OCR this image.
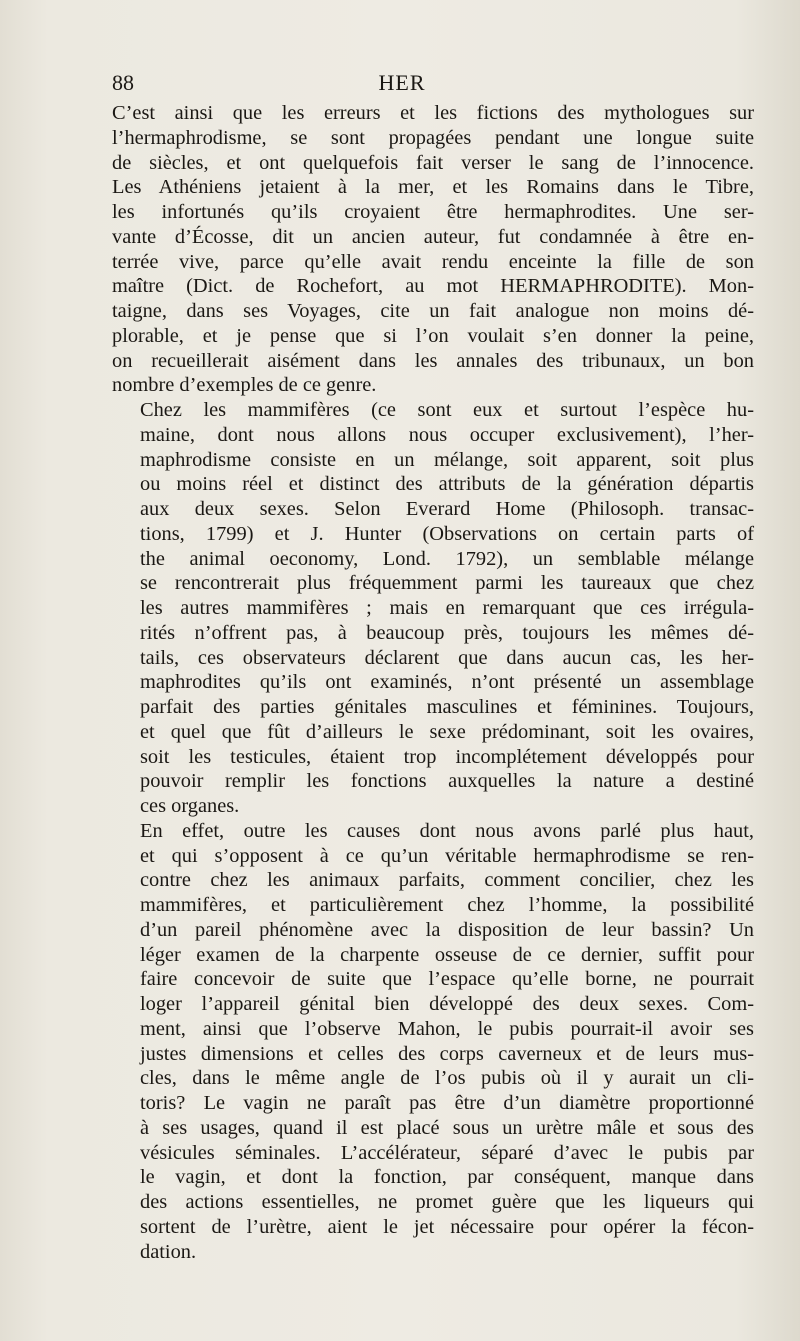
88	HER

C’est ainsi que les erreurs et les fictions des mythologues sur
l’hermaphrodisme, se sont propagées pendant une longue suite
de siècles, et ont quelquefois fait verser le sang de l’innocence.
Les Athéniens jetaient à la mer, et les Romains dans le Tibre,
les infortunés qu’ils croyaient être hermaphrodites. Une ser-
vante d’Écosse, dit un ancien auteur, fut condamnée à être en-
terrée vive, parce qu’elle avait rendu enceinte la fille de son
maître (Dict. de Rochefort, au mot HERMAPHRODITE). Mon-
taigne, dans ses Voyages, cite un fait analogue non moins dé-
plorable, et je pense que si l’on voulait s’en donner la peine,
on recueillerait aisément dans les annales des tribunaux, un bon
nombre d’exemples de ce genre.

Chez les mammifères (ce sont eux et surtout l’espèce hu-
maine, dont nous allons nous occuper exclusivement), l’her-
maphrodisme consiste en un mélange, soit apparent, soit plus
ou moins réel et distinct des attributs de la génération départis
aux deux sexes. Selon Everard Home (Philosoph. transac-
tions, 1799) et J. Hunter (Observations on certain parts of
the animal oeconomy, Lond. 1792), un semblable mélange
se rencontrerait plus fréquemment parmi les taureaux que chez
les autres mammifères ; mais en remarquant que ces irrégula-
rités n’offrent pas, à beaucoup près, toujours les mêmes dé-
tails, ces observateurs déclarent que dans aucun cas, les her-
maphrodites qu’ils ont examinés, n’ont présenté un assemblage
parfait des parties génitales masculines et féminines. Toujours,
et quel que fût d’ailleurs le sexe prédominant, soit les ovaires,
soit les testicules, étaient trop incomplétement développés pour
pouvoir remplir les fonctions auxquelles la nature a destiné
ces organes.

En effet, outre les causes dont nous avons parlé plus haut,
et qui s’opposent à ce qu’un véritable hermaphrodisme se ren-
contre chez les animaux parfaits, comment concilier, chez les
mammifères, et particulièrement chez l’homme, la possibilité
d’un pareil phénomène avec la disposition de leur bassin? Un
léger examen de la charpente osseuse de ce dernier, suffit pour
faire concevoir de suite que l’espace qu’elle borne, ne pourrait
loger l’appareil génital bien développé des deux sexes. Com-
ment, ainsi que l’observe Mahon, le pubis pourrait-il avoir ses
justes dimensions et celles des corps caverneux et de leurs mus-
cles, dans le même angle de l’os pubis où il y aurait un cli-
toris? Le vagin ne paraît pas être d’un diamètre proportionné
à ses usages, quand il est placé sous un urètre mâle et sous des
vésicules séminales. L’accélérateur, séparé d’avec le pubis par
le vagin, et dont la fonction, par conséquent, manque dans
des actions essentielles, ne promet guère que les liqueurs qui
sortent de l’urètre, aient le jet nécessaire pour opérer la fécon-
dation.
